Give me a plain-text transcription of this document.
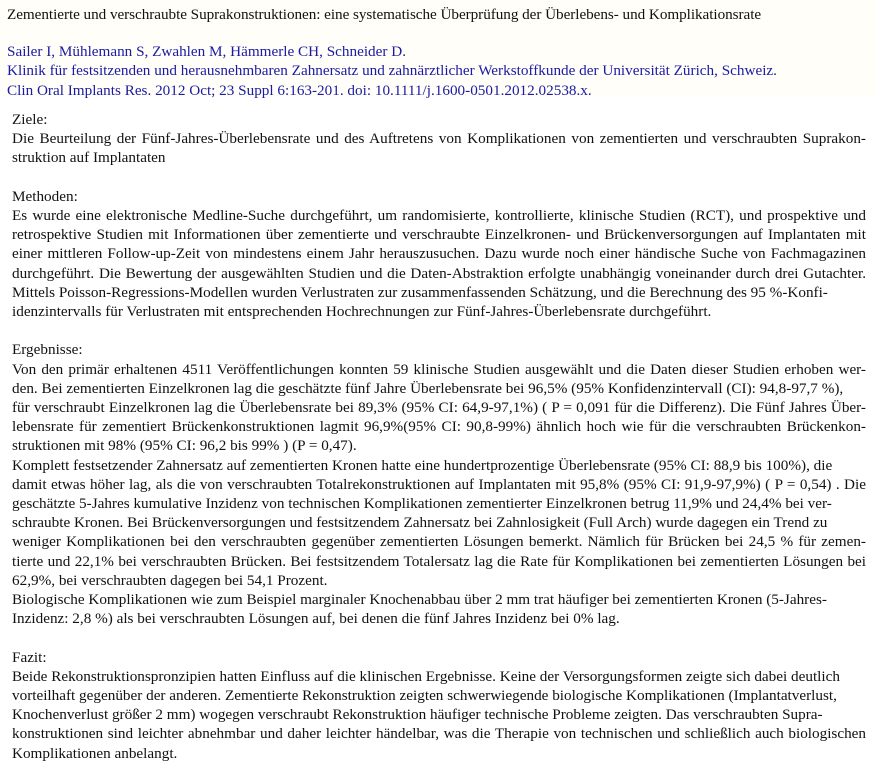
Zementierte und verschraubte Suprakonstruktionen: eine systematische Überprüfung der Überlebens- und Komplikationsrate
Sailer I, Mühlemann S, Zwahlen M, Hämmerle CH, Schneider D.
Klinik für festsitzenden und herausnehmbaren Zahnersatz und zahnärztlicher Werkstoffkunde der Universität Zürich, Schweiz.
Clin Oral Implants Res. 2012 Oct; 23 Suppl 6:163-201. doi: 10.1111/j.1600-0501.2012.02538.x.
Ziele:

Die Beurteilung der Fünf-Jahres-Überlebensrate und des Auftretens von Komplikationen von zementierten und verschraubten Suprakon-
struktion auf Implantaten

Methoden:

Es wurde eine elektronische Medline-Suche durchgeführt, um randomisierte, kontrollierte, klinische Studien (RCT), und prospektive und
retrospektive Studien mit Informationen über zementierte und verschraubte Einzelkronen- und Brückenversorgungen auf Implantaten mit
einer mittleren Follow-up-Zeit von mindestens einem Jahr herauszusuchen. Dazu wurde noch einer händische Suche von Fachmagazinen
durchgeführt. Die Bewertung der ausgewählten Studien und die Daten-Abstraktion erfolgte unabhängig voneinander durch drei Gutachter.
Mittels Poisson-Regressions-Modellen wurden Verlustraten zur zusammenfassenden Schätzung, und die Berechnung des 95 %-Konfi-
idenzintervalls für Verlustraten mit entsprechenden Hochrechnungen zur Fünf-Jahres-Überlebensrate durchgeführt.

Ergebnisse:

Von den primär erhaltenen 4511 Veröffentlichungen konnten 59 klinische Studien ausgewählt und die Daten dieser Studien erhoben wer-
den. Bei zementierten Einzelkronen lag die geschätzte fünf Jahre Überlebensrate bei 96,5% (95% Konfidenzintervall (CI): 94,8-97,7 %),
für verschraubt Einzelkronen lag die Überlebensrate bei 89,3% (95% CI: 64,9-97,1%) ( P = 0,091 für die Differenz). Die Fünf Jahres Über-
lebensrate für zementiert Brückenkonstruktionen lagmit 96,9%(95% CI: 90,8-99%) ähnlich hoch wie für die verschraubten Brückenkon-
struktionen mit 98% (95% CI: 96,2 bis 99% ) (P = 0,47).
Komplett festsetzender Zahnersatz auf zementierten Kronen hatte eine hundertprozentige Überlebensrate (95% CI: 88,9 bis 100%), die
damit etwas höher lag, als die von verschraubten Totalrekonstruktionen auf Implantaten mit 95,8% (95% CI: 91,9-97,9%) ( P = 0,54) . Die
geschätzte 5-Jahres kumulative Inzidenz von technischen Komplikationen zementierter Einzelkronen betrug 11,9% und 24,4% bei ver-
schraubte Kronen. Bei Brückenversorgungen und festsitzendem Zahnersatz bei Zahnlosigkeit (Full Arch) wurde dagegen ein Trend zu
weniger Komplikationen bei den verschraubten gegenüber zementierten Lösungen bemerkt. Nämlich für Brücken bei 24,5 % für zemen-
tierte und 22,1% bei verschraubten Brücken. Bei festsitzendem Totalersatz lag die Rate für Komplikationen bei zementierten Lösungen bei
62,9%, bei verschraubten dagegen bei 54,1 Prozent.
Biologische Komplikationen wie zum Beispiel marginaler Knochenabbau über 2 mm trat häufiger bei zementierten Kronen (5-Jahres-
Inzidenz: 2,8 %) als bei verschraubten Lösungen auf, bei denen die fünf Jahres Inzidenz bei 0% lag.

Fazit:

Beide Rekonstruktionspronzipien hatten Einfluss auf die klinischen Ergebnisse. Keine der Versorgungsformen zeigte sich dabei deutlich
vorteilhaft gegenüber der anderen. Zementierte Rekonstruktion zeigten schwerwiegende biologische Komplikationen (Implantatverlust,
Knochenverlust größer 2 mm) wogegen verschraubt Rekonstruktion häufiger technische Probleme zeigten. Das verschraubten Supra-
konstruktionen sind leichter abnehmbar und daher leichter händelbar, was die Therapie von technischen und schließlich auch biologischen
Komplikationen anbelangt.
